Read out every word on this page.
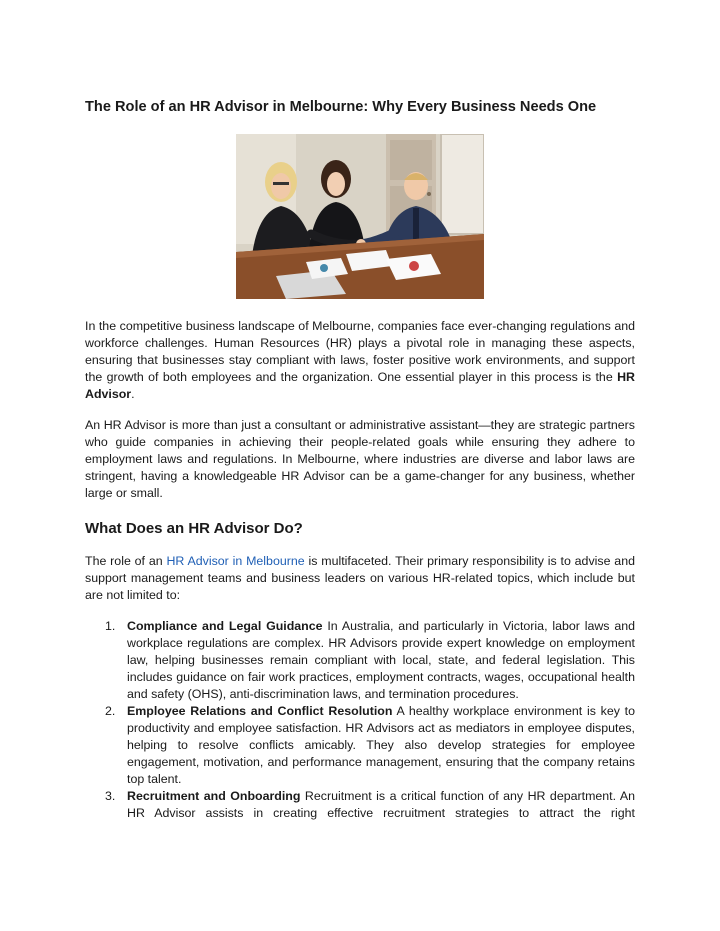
The Role of an HR Advisor in Melbourne: Why Every Business Needs One

In the competitive business landscape of Melbourne, companies face ever-changing regulations and workforce challenges. Human Resources (HR) plays a pivotal role in managing these aspects, ensuring that businesses stay compliant with laws, foster positive work environments, and support the growth of both employees and the organization. One essential player in this process is the HR Advisor.

An HR Advisor is more than just a consultant or administrative assistant—they are strategic partners who guide companies in achieving their people-related goals while ensuring they adhere to employment laws and regulations. In Melbourne, where industries are diverse and labor laws are stringent, having a knowledgeable HR Advisor can be a game-changer for any business, whether large or small.

What Does an HR Advisor Do?

The role of an HR Advisor in Melbourne is multifaceted. Their primary responsibility is to advise and support management teams and business leaders on various HR-related topics, which include but are not limited to:

1. Compliance and Legal Guidance In Australia, and particularly in Victoria, labor laws and workplace regulations are complex. HR Advisors provide expert knowledge on employment law, helping businesses remain compliant with local, state, and federal legislation. This includes guidance on fair work practices, employment contracts, wages, occupational health and safety (OHS), anti-discrimination laws, and termination procedures.

2. Employee Relations and Conflict Resolution A healthy workplace environment is key to productivity and employee satisfaction. HR Advisors act as mediators in employee disputes, helping to resolve conflicts amicably. They also develop strategies for employee engagement, motivation, and performance management, ensuring that the company retains top talent.

3. Recruitment and Onboarding Recruitment is a critical function of any HR department. An HR Advisor assists in creating effective recruitment strategies to attract the right
